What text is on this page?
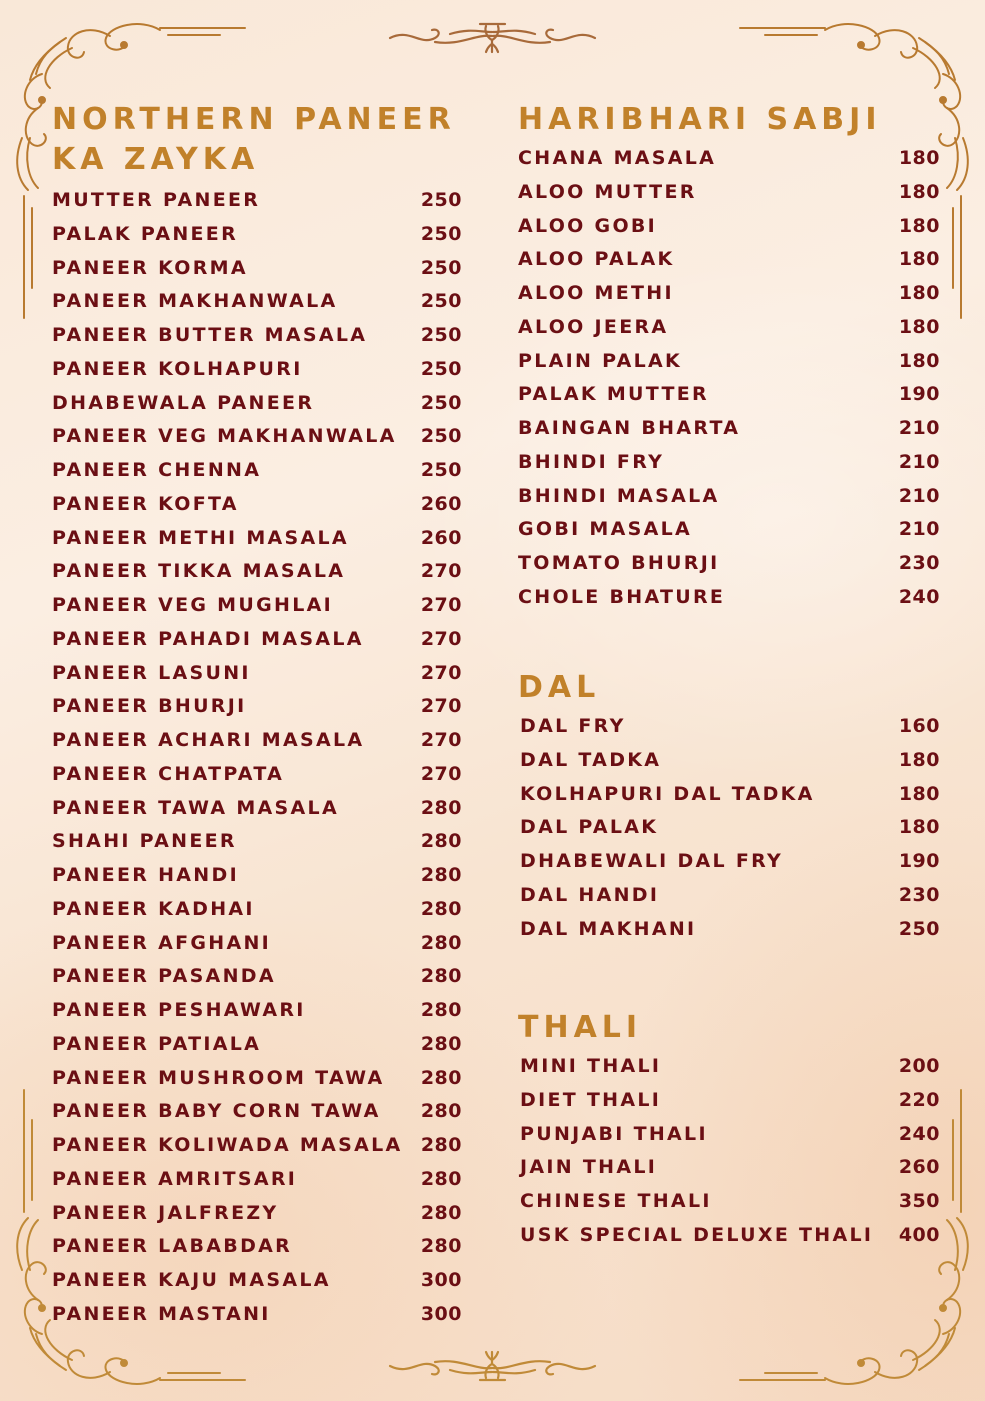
NORTHERN PANEER
KA ZAYKA
MUTTER PANEER	250
PALAK PANEER	250
PANEER KORMA	250
PANEER MAKHANWALA	250
PANEER BUTTER MASALA	250
PANEER KOLHAPURI	250
DHABEWALA PANEER	250
PANEER VEG MAKHANWALA 250
PANEER CHENNA	250
PANEER KOFTA	260
PANEER METHI MASALA	260
PANEER TIKKA MASALA	270
PANEER VEG MUGHLAI	270
PANEER PAHADI MASALA	270
PANEER LASUNI	270
PANEER BHURJI	270
PANEER ACHARI MASALA	270
PANEER CHATPATA	270
PANEER TAWA MASALA	280
SHAHI PANEER	280
PANEER HANDI	280
PANEER KADHAI	280
PANEER AFGHANI	280
PANEER PASANDA	280
PANEER PESHAWARI	280
PANEER PATIALA	280
PANEER MUSHROOM TAWA 280
PANEER BABY CORN TAWA 280
PANEER KOLIWADA MASALA 280
PANEER AMRITSARI	280
PANEER JALFREZY	280
PANEER LABABDAR	280
PANEER KAJU MASALA	300
PANEER MASTANI	300
HARIBHARI SABJI
CHANA MASALA	180
ALOO MUTTER	180
ALOO GOBI	180
ALOO PALAK	180
ALOO METHI	180
ALOO JEERA	180
PLAIN PALAK	180
PALAK MUTTER	190
BAINGAN BHARTA	210
BHINDI FRY	210
BHINDI MASALA	210
GOBI MASALA	210
TOMATO BHURJI	230
CHOLE BHATURE	240
DAL
DAL FRY	160
DAL TADKA	180
KOLHAPURI DAL TADKA	180
DAL PALAK	180
DHABEWALI DAL FRY	190
DAL HANDI	230
DAL MAKHANI	250
THALI
MINI THALI	200
DIET THALI	220
PUNJABI THALI	240
JAIN THALI	260
CHINESE THALI	350
USK SPECIAL DELUXE THALI 400
